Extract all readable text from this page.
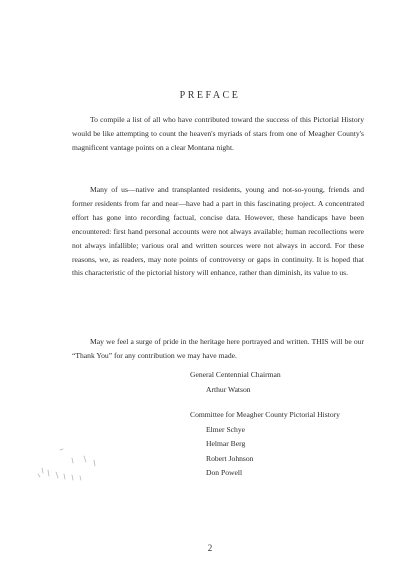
PREFACE

To compile a list of all who have contributed toward the success of this Pictorial History would be like attempting to count the heaven's myriads of stars from one of Meagher County's magnificent vantage points on a clear Montana night.

Many of us—native and transplanted residents, young and not-so-young, friends and former residents from far and near—have had a part in this fascinating project. A concentrated effort has gone into recording factual, concise data. However, these handicaps have been encountered: first hand personal accounts were not always available; human recollections were not always infallible; various oral and written sources were not always in accord. For these reasons, we, as readers, may note points of controversy or gaps in continuity. It is hoped that this characteristic of the pictorial history will enhance, rather than diminish, its value to us.

May we feel a surge of pride in the heritage here portrayed and written. THIS will be our “Thank You” for any contribution we may have made.

General Centennial Chairman
Arthur Watson
Committee for Meagher County Pictorial History
Elmer Schye
Helmar Berg
Robert Johnson
Don Powell
2
